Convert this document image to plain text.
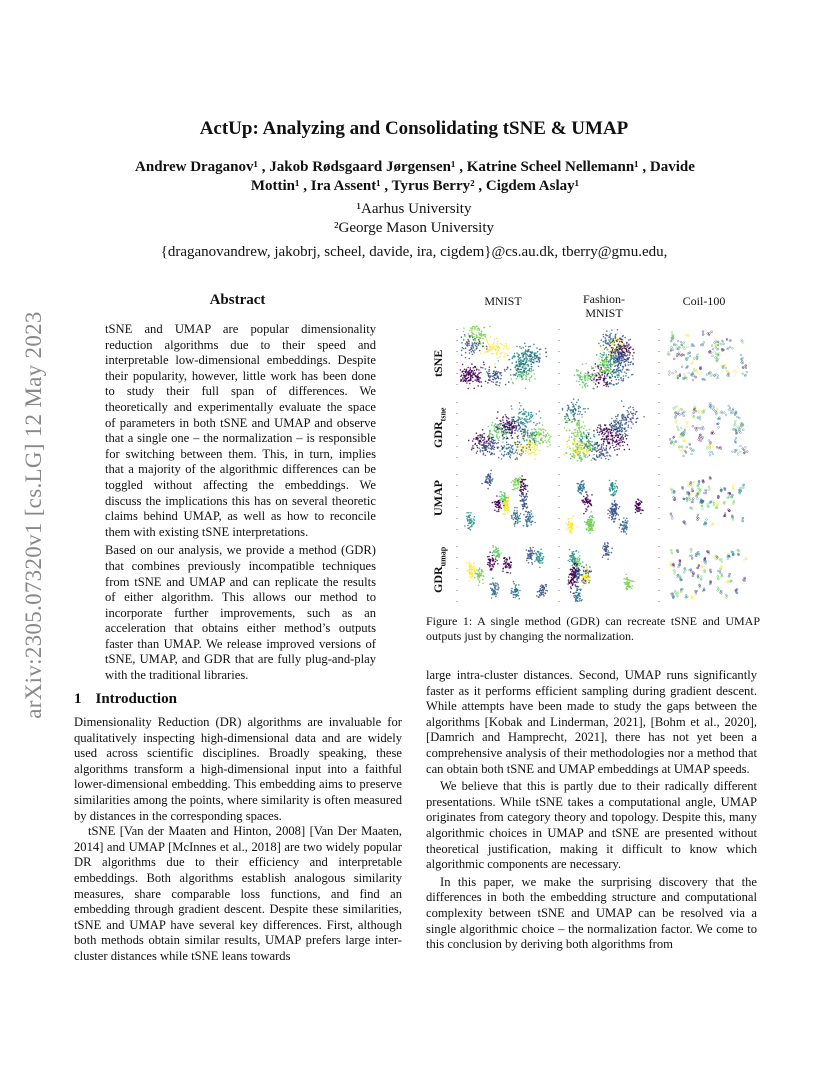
arXiv:2305.07320v1 [cs.LG] 12 May 2023
ActUp: Analyzing and Consolidating tSNE & UMAP
Andrew Draganov¹ , Jakob Rødsgaard Jørgensen¹ , Katrine Scheel Nellemann¹ , Davide
Mottin¹ , Ira Assent¹ , Tyrus Berry² , Cigdem Aslay¹
¹Aarhus University
²George Mason University
{draganovandrew, jakobrj, scheel, davide, ira, cigdem}@cs.au.dk, tberry@gmu.edu,
Abstract

tSNE and UMAP are popular dimensionality reduction algorithms due to their speed and interpretable low-dimensional embeddings. Despite their popularity, however, little work has been done to study their full span of differences. We theoretically and experimentally evaluate the space of parameters in both tSNE and UMAP and observe that a single one – the normalization – is responsible for switching between them. This, in turn, implies that a majority of the algorithmic differences can be toggled without affecting the embeddings. We discuss the implications this has on several theoretic claims behind UMAP, as well as how to reconcile them with existing tSNE interpretations.

Based on our analysis, we provide a method (GDR) that combines previously incompatible techniques from tSNE and UMAP and can replicate the results of either algorithm. This allows our method to incorporate further improvements, such as an acceleration that obtains either method’s outputs faster than UMAP. We release improved versions of tSNE, UMAP, and GDR that are fully plug-and-play with the traditional libraries.

1 Introduction

Dimensionality Reduction (DR) algorithms are invaluable for qualitatively inspecting high-dimensional data and are widely used across scientific disciplines. Broadly speaking, these algorithms transform a high-dimensional input into a faithful lower-dimensional embedding. This embedding aims to preserve similarities among the points, where similarity is often measured by distances in the corresponding spaces.

tSNE [Van der Maaten and Hinton, 2008] [Van Der Maaten, 2014] and UMAP [McInnes et al., 2018] are two widely popular DR algorithms due to their efficiency and interpretable embeddings. Both algorithms establish analogous similarity measures, share comparable loss functions, and find an embedding through gradient descent. Despite these similarities, tSNE and UMAP have several key differences. First, although both methods obtain similar results, UMAP prefers large inter-cluster distances while tSNE leans towards

MNIST	Fashion-
MNIST
Coil-100
tSNE
$GDR_{tsne}$
UMAP
$GDR_{umap}$
Figure 1: A single method (GDR) can recreate tSNE and UMAP outputs just by changing the normalization.

large intra-cluster distances. Second, UMAP runs significantly faster as it performs efficient sampling during gradient descent. While attempts have been made to study the gaps between the algorithms [Kobak and Linderman, 2021], [Bohm et al., 2020], [Damrich and Hamprecht, 2021], there has not yet been a comprehensive analysis of their methodologies nor a method that can obtain both tSNE and UMAP embeddings at UMAP speeds.

We believe that this is partly due to their radically different presentations. While tSNE takes a computational angle, UMAP originates from category theory and topology. Despite this, many algorithmic choices in UMAP and tSNE are presented without theoretical justification, making it difficult to know which algorithmic components are necessary.

In this paper, we make the surprising discovery that the differences in both the embedding structure and computational complexity between tSNE and UMAP can be resolved via a single algorithmic choice – the normalization factor. We come to this conclusion by deriving both algorithms from
